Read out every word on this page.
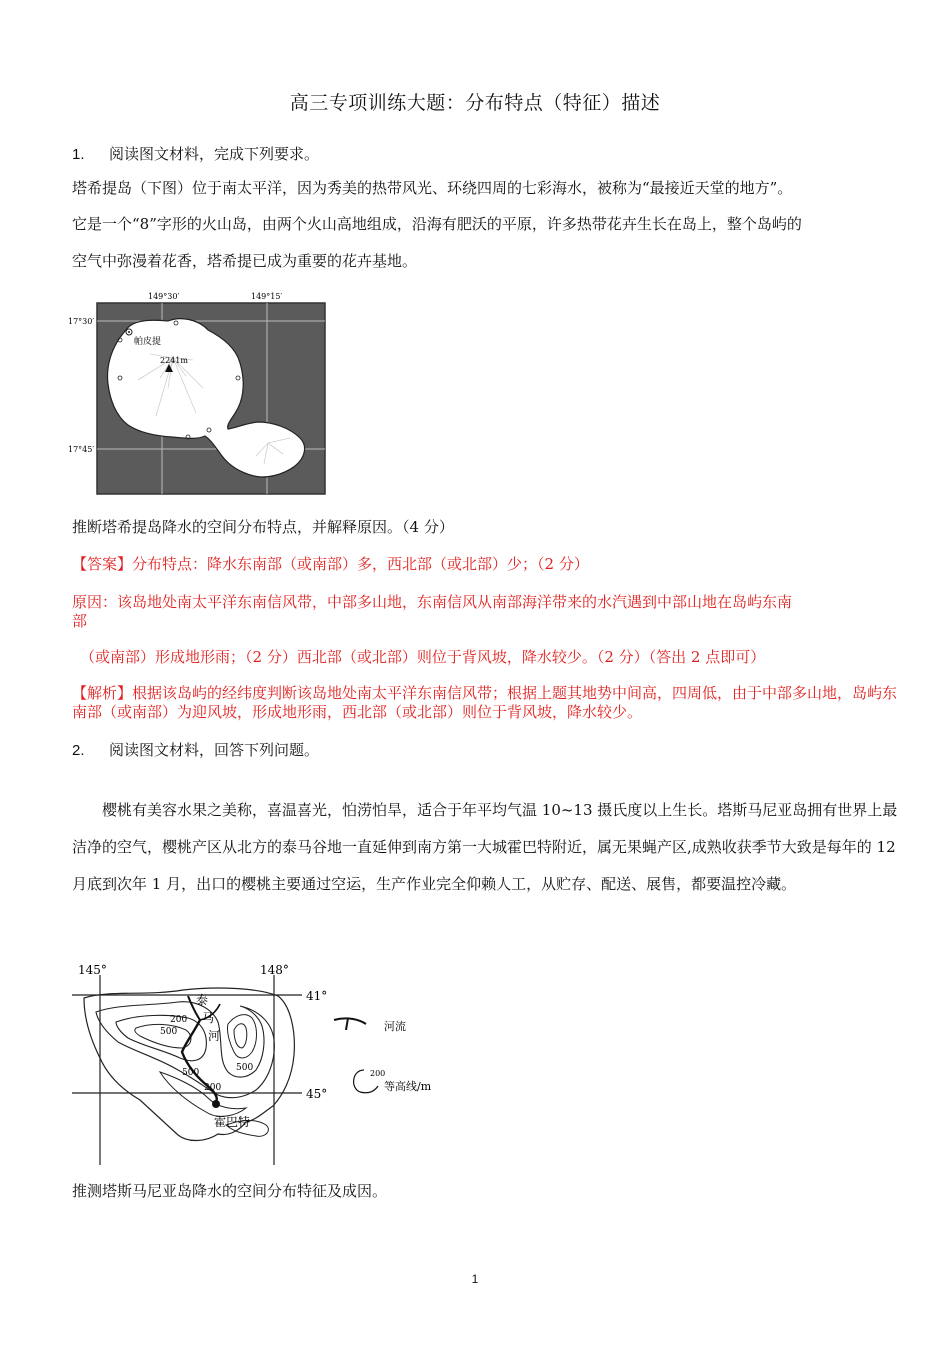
高三专项训练大题：分布特点（特征）描述
1. 阅读图文材料，完成下列要求。
塔希提岛（下图）位于南太平洋，因为秀美的热带风光、环绕四周的七彩海水，被称为“最接近天堂的地方”。
它是一个“8”字形的火山岛，由两个火山高地组成，沿海有肥沃的平原，许多热带花卉生长在岛上，整个岛屿的
空气中弥漫着花香，塔希提已成为重要的花卉基地。
149°30′	149°15′
17°30′
17°45′
帕皮提
2241m
推断塔希提岛降水的空间分布特点，并解释原因。（4 分）
【答案】分布特点：降水东南部（或南部）多，西北部（或北部）少；（2 分）
原因：该岛地处南太平洋东南信风带，中部多山地，东南信风从南部海洋带来的水汽遇到中部山地在岛屿东南
部
（或南部）形成地形雨；（2 分）西北部（或北部）则位于背风坡，降水较少。（2 分）（答出 2 点即可）
【解析】根据该岛屿的经纬度判断该岛地处南太平洋东南信风带；根据上题其地势中间高，四周低，由于中部多山地，岛屿东南部（或南部）为迎风坡，形成地形雨，西北部（或北部）则位于背风坡，降水较少。
2. 阅读图文材料，回答下列问题。
樱桃有美容水果之美称，喜温喜光，怕涝怕旱，适合于年平均气温 10~13 摄氏度以上生长。塔斯马尼亚岛拥有世界上最洁净的空气，樱桃产区从北方的泰马谷地一直延伸到南方第一大城霍巴特附近，属无果蝇产区,成熟收获季节大致是每年的 12 月底到次年 1 月，出口的樱桃主要通过空运，生产作业完全仰赖人工，从贮存、配送、展售，都要温控冷藏。
145°	148°
41°
45°
泰
马
河
200
500
500
500
200
霍巴特
河流
200
等高线/m
推测塔斯马尼亚岛降水的空间分布特征及成因。
1
